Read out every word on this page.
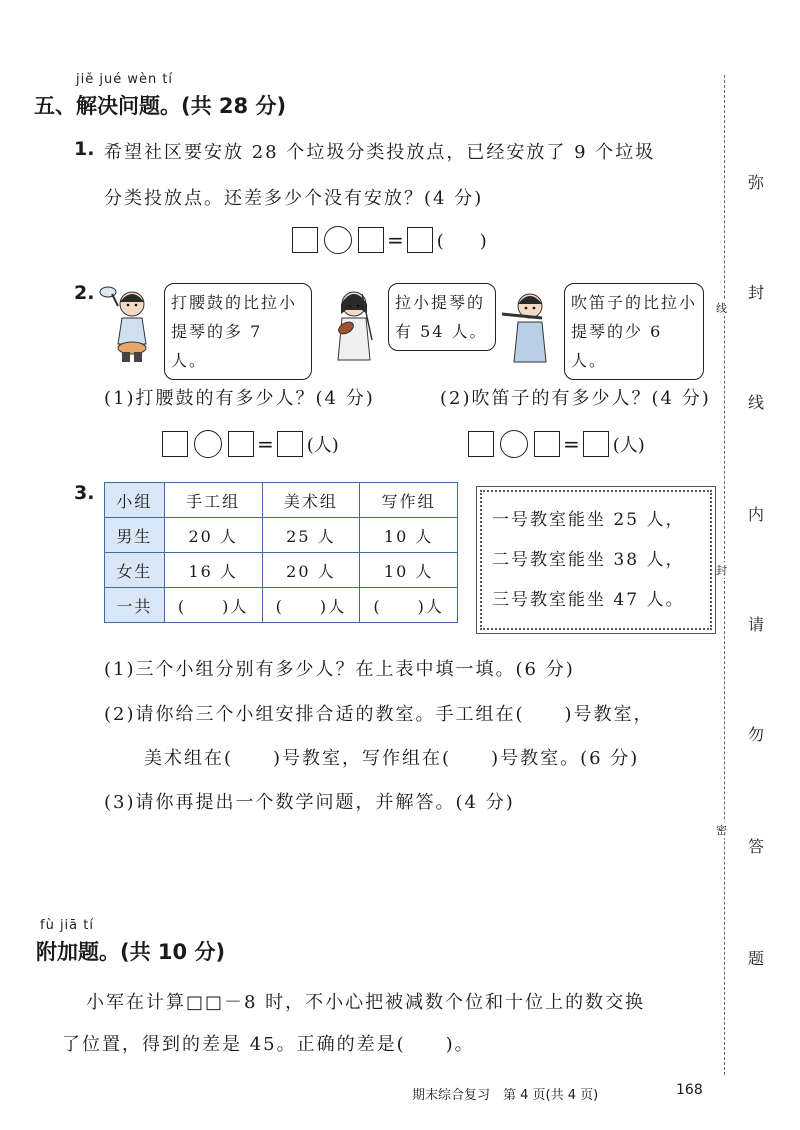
jiě jué wèn tí
五、解决问题。(共 28 分)
1. 希望社区要安放 28 个垃圾分类投放点，已经安放了 9 个垃圾
分类投放点。还差多少个没有安放？(4 分)
= (　　)
2.	打腰鼓的比拉小提琴的多 7 人。
拉小提琴的有 54 人。
吹笛子的比拉小提琴的少 6 人。
(1)打腰鼓的有多少人？(4 分)	(2)吹笛子的有多少人？(4 分)
= (人)	= (人)
3. 小组	手工组	美术组	写作组
男生	20 人	25 人	10 人
女生	16 人	20 人	10 人
一共	(　　)人	(　　)人	(　　)人
一号教室能坐 25 人，
二号教室能坐 38 人，
三号教室能坐 47 人。
(1)三个小组分别有多少人？在上表中填一填。(6 分)
(2)请你给三个小组安排合适的教室。手工组在(　　)号教室，
美术组在(　　)号教室，写作组在(　　)号教室。(6 分)
(3)请你再提出一个数学问题，并解答。(4 分)
fù jiā tí
附加题。(共 10 分)
小军在计算□□－8 时，不小心把被减数个位和十位上的数交换
了位置，得到的差是 45。正确的差是(　　)。
弥
封
线
内
请
勿
答
题
线
封
密
期末综合复习　第 4 页(共 4 页)	168
